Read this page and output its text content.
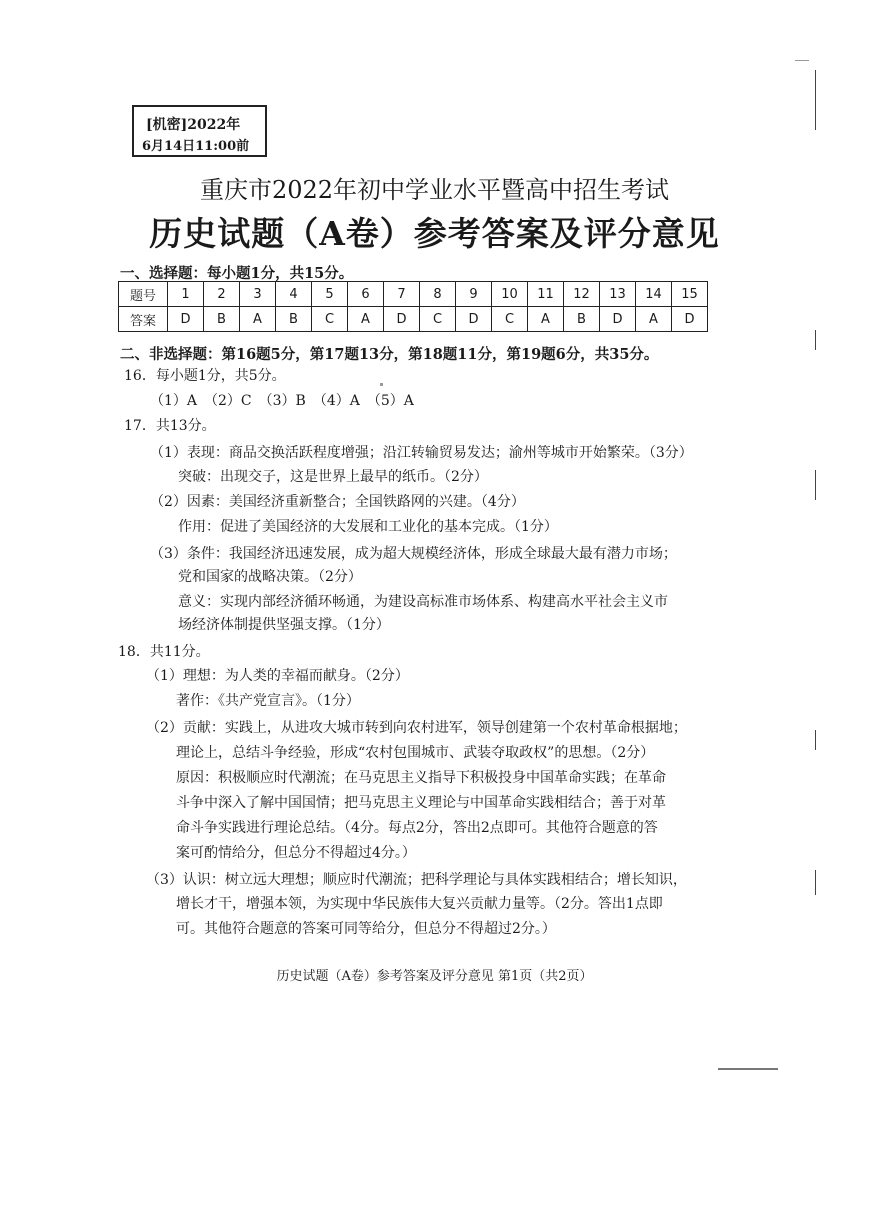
[机密]2022年
6月14日11:00前
重庆市2022年初中学业水平暨高中招生考试
历史试题（A卷）参考答案及评分意见
一、选择题：每小题1分，共15分。
题号	1	2	3	4	5	6	7	8	9	10	11	12	13	14	15
答案	D	B	A	B	C	A	D	C	D	C	A	B	D	A	D
二、非选择题：第16题5分，第17题13分，第18题11分，第19题6分，共35分。
16．每小题1分，共5分。
（1）A　（2）C　（3）B　（4）A　（5）A
17．共13分。
（1）表现：商品交换活跃程度增强；沿江转输贸易发达；渝州等城市开始繁荣。（3分）
突破：出现交子，这是世界上最早的纸币。（2分）
（2）因素：美国经济重新整合；全国铁路网的兴建。（4分）
作用：促进了美国经济的大发展和工业化的基本完成。（1分）
（3）条件：我国经济迅速发展，成为超大规模经济体，形成全球最大最有潜力市场；
党和国家的战略决策。（2分）
意义：实现内部经济循环畅通，为建设高标准市场体系、构建高水平社会主义市
场经济体制提供坚强支撑。（1分）
18．共11分。
（1）理想：为人类的幸福而献身。（2分）
著作：《共产党宣言》。（1分）
（2）贡献：实践上，从进攻大城市转到向农村进军，领导创建第一个农村革命根据地；
理论上，总结斗争经验，形成“农村包围城市、武装夺取政权”的思想。（2分）
原因：积极顺应时代潮流；在马克思主义指导下积极投身中国革命实践；在革命
斗争中深入了解中国国情；把马克思主义理论与中国革命实践相结合；善于对革
命斗争实践进行理论总结。（4分。每点2分，答出2点即可。其他符合题意的答
案可酌情给分，但总分不得超过4分。）
（3）认识：树立远大理想；顺应时代潮流；把科学理论与具体实践相结合；增长知识，
增长才干，增强本领，为实现中华民族伟大复兴贡献力量等。（2分。答出1点即
可。其他符合题意的答案可同等给分，但总分不得超过2分。）
历史试题（A卷）参考答案及评分意见 第1页（共2页）
